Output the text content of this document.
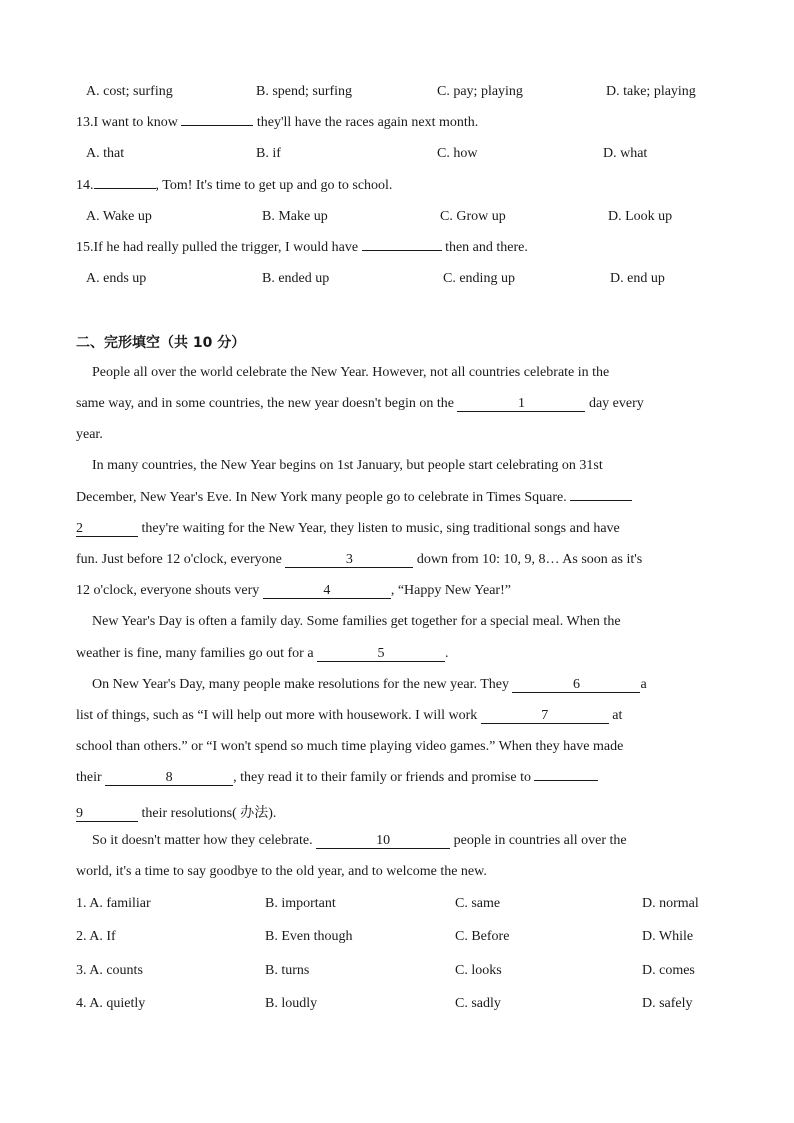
A. cost; surfing	B. spend; surfing	C. pay; playing	D. take; playing
13.I want to know	they'll have the races again next month.
A. that	B. if	C. how	D. what
14.	, Tom! It's time to get up and go to school.
A. Wake up	B. Make up	C. Grow up	D. Look up
15.If he had really pulled the trigger, I would have	then and there.
A. ends up	B. ended up	C. ending up	D. end up
二、完形填空（共 10 分）
People all over the world celebrate the New Year. However, not all countries celebrate in the
same way, and in some countries, the new year doesn't begin on the	1	day every
year.
In many countries, the New Year begins on 1st January, but people start celebrating on 31st
December, New Year's Eve. In New York many people go to celebrate in Times Square.
2	they're waiting for the New Year, they listen to music, sing traditional songs and have
fun. Just before 12 o'clock, everyone	3	down from 10: 10, 9, 8… As soon as it's
12 o'clock, everyone shouts very	4	, “Happy New Year!”
New Year's Day is often a family day. Some families get together for a special meal. When the
weather is fine, many families go out for a	5	.
On New Year's Day, many people make resolutions for the new year. They	6	a
list of things, such as “I will help out more with housework. I will work	7	at
school than others.” or “I won't spend so much time playing video games.” When they have made
their	8	, they read it to their family or friends and promise to
9	their resolutions( 办法).
So it doesn't matter how they celebrate.	10	people in countries all over the
world, it's a time to say goodbye to the old year, and to welcome the new.
1. A. familiar	B. important	C. same	D. normal
2. A. If	B. Even though	C. Before	D. While
3. A. counts	B. turns	C. looks	D. comes
4. A. quietly	B. loudly	C. sadly	D. safely
